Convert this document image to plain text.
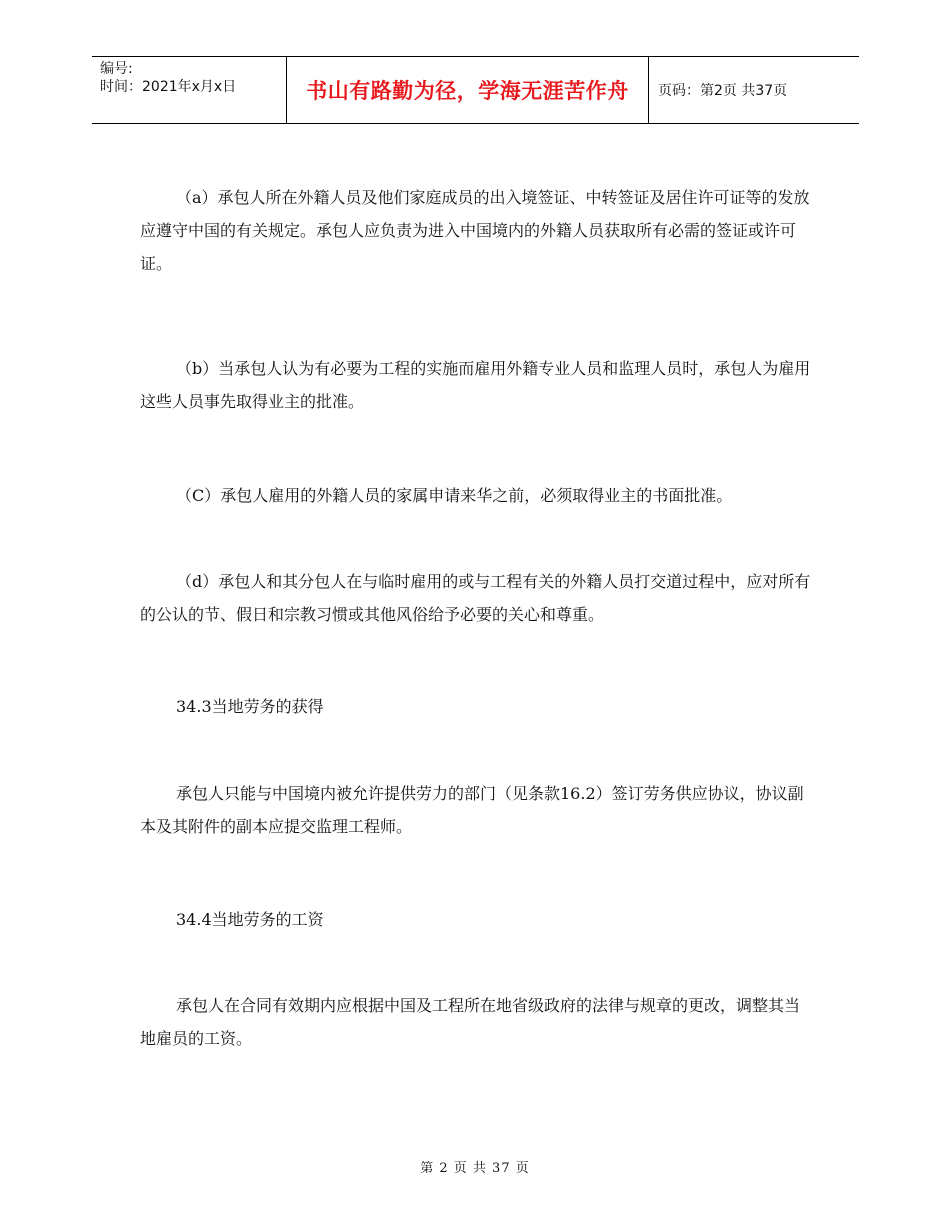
编号:
时间：2021年x月x日	书山有路勤为径，学海无涯苦作舟 页码：第2页 共37页

（a）承包人所在外籍人员及他们家庭成员的出入境签证、中转签证及居住许可证等的发放应遵守中国的有关规定。承包人应负责为进入中国境内的外籍人员获取所有必需的签证或许可证。

（b）当承包人认为有必要为工程的实施而雇用外籍专业人员和监理人员时，承包人为雇用这些人员事先取得业主的批准。

（C）承包人雇用的外籍人员的家属申请来华之前，必须取得业主的书面批准。

（d）承包人和其分包人在与临时雇用的或与工程有关的外籍人员打交道过程中，应对所有的公认的节、假日和宗教习惯或其他风俗给予必要的关心和尊重。

34.3当地劳务的获得

承包人只能与中国境内被允许提供劳力的部门（见条款16.2）签订劳务供应协议，协议副本及其附件的副本应提交监理工程师。

34.4当地劳务的工资

承包人在合同有效期内应根据中国及工程所在地省级政府的法律与规章的更改，调整其当地雇员的工资。

第 2 页 共 37 页
